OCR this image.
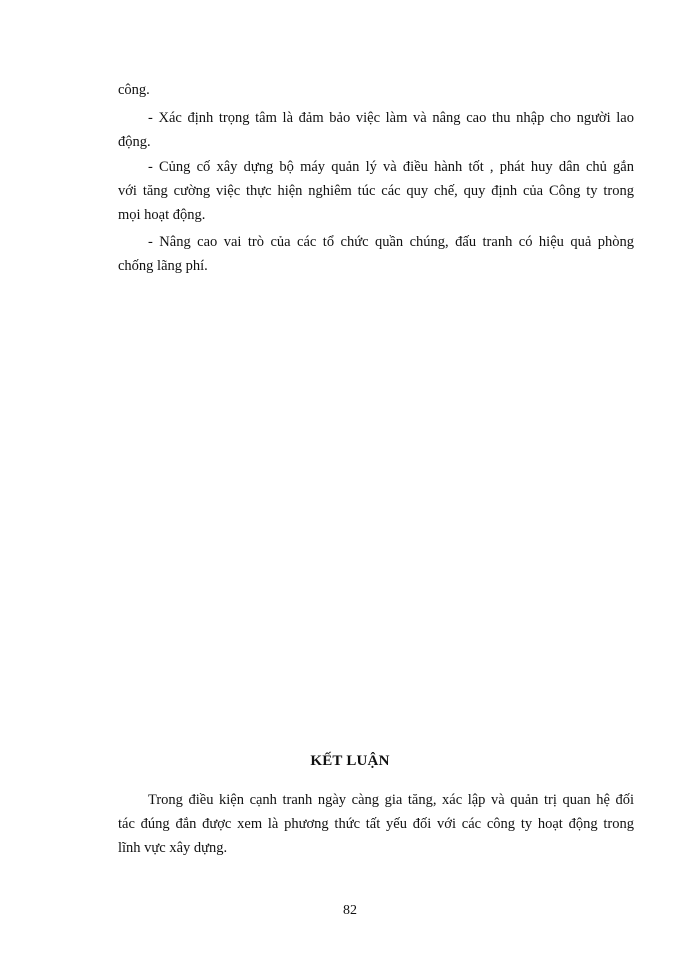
công.
- Xác định trọng tâm là đảm bảo việc làm và nâng cao thu nhập cho người lao
động.
- Củng cố xây dựng bộ máy quản lý và điều hành tốt , phát huy dân chủ gắn
với tăng cường việc thực hiện nghiêm túc các quy chế, quy định của Công ty trong
mọi hoạt động.
- Nâng cao vai trò của các tổ chức quần chúng, đấu tranh có hiệu quả phòng
chống lãng phí.
KẾT LUẬN
Trong điều kiện cạnh tranh ngày càng gia tăng, xác lập và quản trị quan hệ đối
tác đúng đắn được xem là phương thức tất yếu đối với các công ty hoạt động trong
lĩnh vực xây dựng.
82
